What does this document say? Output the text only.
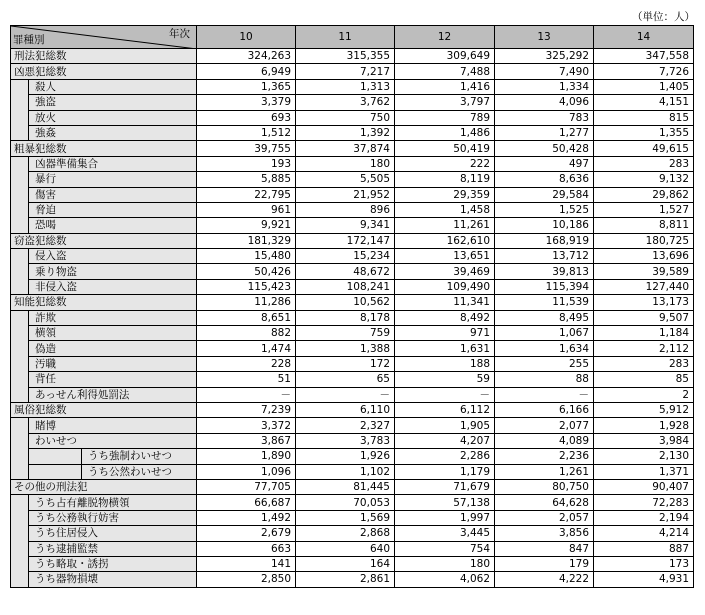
（単位：人）
年次
罪種別		10	11	12	13	14
刑法犯総数		324,263	315,355	309,649	325,292	347,558
凶悪犯総数		6,949	7,217	7,488	7,490	7,726
	殺人	1,365	1,313	1,416	1,334	1,405
	強盗	3,379	3,762	3,797	4,096	4,151
	放火	693	750	789	783	815
	強姦	1,512	1,392	1,486	1,277	1,355
粗暴犯総数		39,755	37,874	50,419	50,428	49,615
	凶器準備集合	193	180	222	497	283
	暴行	5,885	5,505	8,119	8,636	9,132
	傷害	22,795	21,952	29,359	29,584	29,862
	脅迫	961	896	1,458	1,525	1,527
	恐喝	9,921	9,341	11,261	10,186	8,811
窃盗犯総数		181,329	172,147	162,610	168,919	180,725
	侵入盗	15,480	15,234	13,651	13,712	13,696
	乗り物盗	50,426	48,672	39,469	39,813	39,589
	非侵入盗	115,423	108,241	109,490	115,394	127,440
知能犯総数		11,286	10,562	11,341	11,539	13,173
	詐欺	8,651	8,178	8,492	8,495	9,507
	横領	882	759	971	1,067	1,184
	偽造	1,474	1,388	1,631	1,634	2,112
	汚職	228	172	188	255	283
	背任	51	65	59	88	85
	あっせん利得処罰法	－	－	－	－	2
風俗犯総数		7,239	6,110	6,112	6,166	5,912
	賭博	3,372	2,327	1,905	2,077	1,928
	わいせつ	3,867	3,783	4,207	4,089	3,984

	うち強制わいせつ	1,890	1,926	2,286	2,236	2,130

	うち公然わいせつ	1,096	1,102	1,179	1,261	1,371
その他の刑法犯		77,705	81,445	71,679	80,750	90,407
	うち占有離脱物横領	66,687	70,053	57,138	64,628	72,283
	うち公務執行妨害	1,492	1,569	1,997	2,057	2,194
	うち住居侵入	2,679	2,868	3,445	3,856	4,214
	うち逮捕監禁	663	640	754	847	887
	うち略取・誘拐	141	164	180	179	173
	うち器物損壊	2,850	2,861	4,062	4,222	4,931
